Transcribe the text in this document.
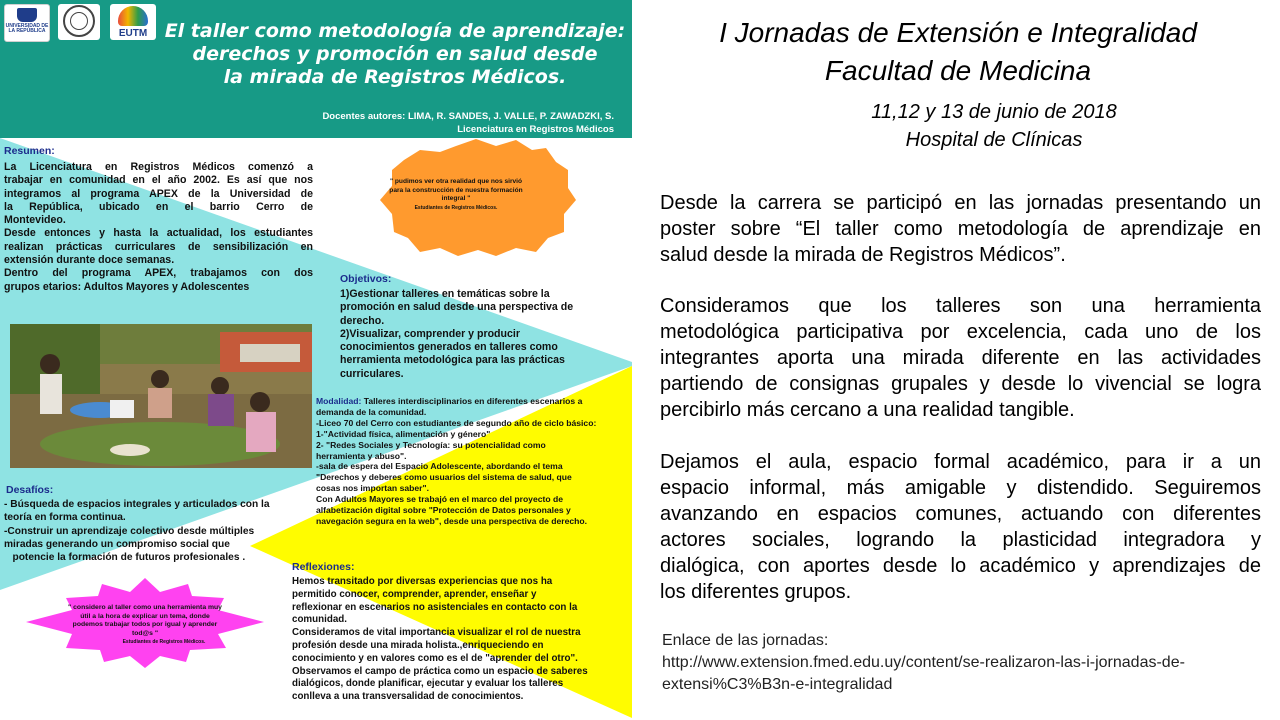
UNIVERSIDAD DE LA REPÚBLICA	EUTM El taller como metodología de aprendizaje:
derechos y promoción en salud desde
la mirada de Registros Médicos.
Docentes autores: LIMA, R. SANDES, J. VALLE, P. ZAWADZKI, S.
Licenciatura en Registros Médicos
Resumen:

La Licenciatura en Registros Médicos comenzó a
trabajar en comunidad en el año 2002. Es así que nos
integramos al programa APEX de la Universidad de
la República, ubicado en el barrio Cerro de
Montevideo.
Desde entonces y hasta la actualidad, los estudiantes
realizan prácticas curriculares de sensibilización en
extensión durante doce semanas.
Dentro del programa APEX, trabajamos con dos
grupos etarios: Adultos Mayores y Adolescentes

" pudimos ver otra realidad que nos sirvió
para la construcción de nuestra formación
integral "
Estudiantes de Registros Médicos.

Objetivos:

1)Gestionar talleres en temáticas sobre la
promoción en salud desde una perspectiva de
derecho.
2)Visualizar, comprender y producir
conocimientos generados en talleres como
herramienta metodológica para las prácticas
curriculares.

Modalidad: Talleres interdisciplinarios en diferentes escenarios a
demanda de la comunidad.
-Liceo 70 del Cerro con estudiantes de segundo año de ciclo básico:
1-"Actividad física, alimentación y género"
2- "Redes Sociales y Tecnología: su potencialidad como
herramienta y abuso".
-sala de espera del Espacio Adolescente, abordando el tema
"Derechos y deberes como usuarios del sistema de salud, que
cosas nos importan saber".
Con Adultos Mayores se trabajó en el marco del proyecto de
alfabetización digital sobre "Protección de Datos personales y
navegación segura en la web", desde una perspectiva de derecho.

Desafíos:

- Búsqueda de espacios integrales y articulados con la
teoría en forma continua.
-Construir un aprendizaje colectivo desde múltiples
miradas generando un compromiso social que
potencie la formación de futuros profesionales .

Reflexiones:

Hemos transitado por diversas experiencias que nos ha
permitido conocer, comprender, aprender, enseñar y
reflexionar en escenarios no asistenciales en contacto con la
comunidad.
Consideramos de vital importancia visualizar el rol de nuestra
profesión desde una mirada holista.,enriqueciendo en
conocimiento y en valores como es el de "aprender del otro".
Observamos el campo de práctica como un espacio de saberes
dialógicos, donde planificar, ejecutar y evaluar los talleres
conlleva a una transversalidad de conocimientos.

" considero al taller como una herramienta muy
útil a la hora de explicar un tema, donde
podemos trabajar todos por igual y aprender
tod@s "
Estudiantes de Registros Médicos.

I Jornadas de Extensión e Integralidad
Facultad de Medicina
11,12 y 13 de junio de 2018
Hospital de Clínicas

Desde la carrera se participó en las jornadas presentando un
poster sobre “El taller como metodología de aprendizaje en
salud desde la mirada de Registros Médicos”.

Consideramos que los talleres son una herramienta
metodológica participativa por excelencia, cada uno de los
integrantes aporta una mirada diferente en las actividades
partiendo de consignas grupales y desde lo vivencial se logra
percibirlo más cercano a una realidad tangible.

Dejamos el aula, espacio formal académico, para ir a un
espacio informal, más amigable y distendido. Seguiremos
avanzando en espacios comunes, actuando con diferentes
actores sociales, logrando la plasticidad integradora y
dialógica, con aportes desde lo académico y aprendizajes de
los diferentes grupos.

Enlace de las jornadas:
http://www.extension.fmed.edu.uy/content/se-realizaron-las-i-jornadas-de-
extensi%C3%B3n-e-integralidad
